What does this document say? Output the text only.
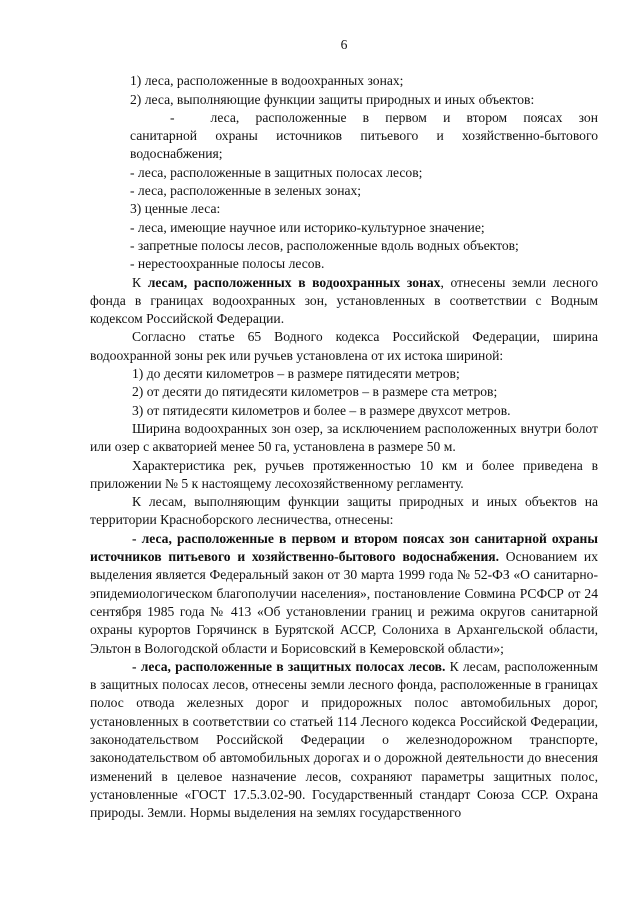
6

1) леса, расположенные в водоохранных зонах;

2) леса, выполняющие функции защиты природных и иных объектов:

-	леса, расположенные в первом и втором поясах зон

санитарной охраны источников питьевого и хозяйственно-бытового

водоснабжения;

- леса, расположенные в защитных полосах лесов;

- леса, расположенные в зеленых зонах;

3) ценные леса:

- леса, имеющие научное или историко-культурное значение;

- запретные полосы лесов, расположенные вдоль водных объектов;

- нерестоохранные полосы лесов.

К лесам, расположенных в водоохранных зонах, отнесены земли лесного фонда в границах водоохранных зон, установленных в соответствии с Водным кодексом Российской Федерации.

Согласно статье 65 Водного кодекса Российской Федерации, ширина водоохранной зоны рек или ручьев установлена от их истока шириной:

1) до десяти километров – в размере пятидесяти метров;

2) от десяти до пятидесяти километров – в размере ста метров;

3) от пятидесяти километров и более – в размере двухсот метров.

Ширина водоохранных зон озер, за исключением расположенных внутри болот или озер с акваторией менее 50 га, установлена в размере 50 м.

Характеристика рек, ручьев протяженностью 10 км и более приведена в приложении № 5 к настоящему лесохозяйственному регламенту.

К лесам, выполняющим функции защиты природных и иных объектов на территории Красноборского лесничества, отнесены:

- леса, расположенные в первом и втором поясах зон санитарной охраны источников питьевого и хозяйственно-бытового водоснабжения. Основанием их выделения является Федеральный закон от 30 марта 1999 года № 52-ФЗ «О санитарно-эпидемиологическом благополучии населения», постановление Совмина РСФСР от 24 сентября 1985 года № 413 «Об установлении границ и режима округов санитарной охраны курортов Горячинск в Бурятской АССР, Солониха в Архангельской области, Эльтон в Вологодской области и Борисовский в Кемеровской области»;

- леса, расположенные в защитных полосах лесов. К лесам, расположенным в защитных полосах лесов, отнесены земли лесного фонда, расположенные в границах полос отвода железных дорог и придорожных полос автомобильных дорог, установленных в соответствии со статьей 114 Лесного кодекса Российской Федерации, законодательством Российской Федерации о железнодорожном транспорте, законодательством об автомобильных дорогах и о дорожной деятельности до внесения изменений в целевое назначение лесов, сохраняют параметры защитных полос, установленные «ГОСТ 17.5.3.02-90. Государственный стандарт Союза ССР. Охрана природы. Земли. Нормы выделения на землях государственного
